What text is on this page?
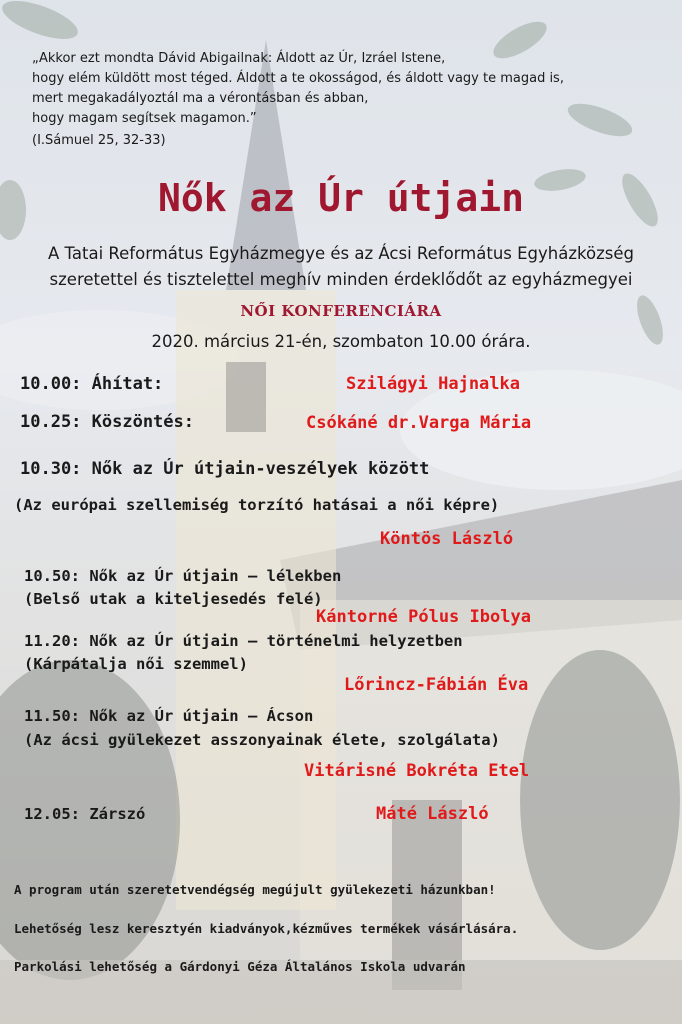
„Akkor ezt mondta Dávid Abigailnak: Áldott az Úr, Izráel Istene,
hogy elém küldött most téged. Áldott a te okosságod, és áldott vagy te magad is,
mert megakadályoztál ma a vérontásban és abban,
hogy magam segítsek magamon.”
(I.Sámuel 25, 32-33)
Nők az Úr útjain
A Tatai Református Egyházmegye és az Ácsi Református Egyházközség
szeretettel és tisztelettel meghív minden érdeklődőt az egyházmegyei
NŐI KONFERENCIÁRA
2020. március 21-én, szombaton 10.00 órára.
10.00: Áhítat:	Szilágyi Hajnalka
10.25: Köszöntés:	Csókáné dr.Varga Mária
10.30: Nők az Úr útjain-veszélyek között
(Az európai szellemiség torzító hatásai a női képre)
Köntös László
10.50: Nők az Úr útjain – lélekben
(Belső utak a kiteljesedés felé)
Kántorné Pólus Ibolya
11.20: Nők az Úr útjain – történelmi helyzetben
(Kárpátalja női szemmel)
Lőrincz-Fábián Éva
11.50: Nők az Úr útjain – Ácson
(Az ácsi gyülekezet asszonyainak élete, szolgálata)
Vitárisné Bokréta Etel
12.05: Zárszó	Máté László
A program után szeretetvendégség megújult gyülekezeti házunkban!
Lehetőség lesz keresztyén kiadványok,kézműves termékek vásárlására.
Parkolási lehetőség a Gárdonyi Géza Általános Iskola udvarán
